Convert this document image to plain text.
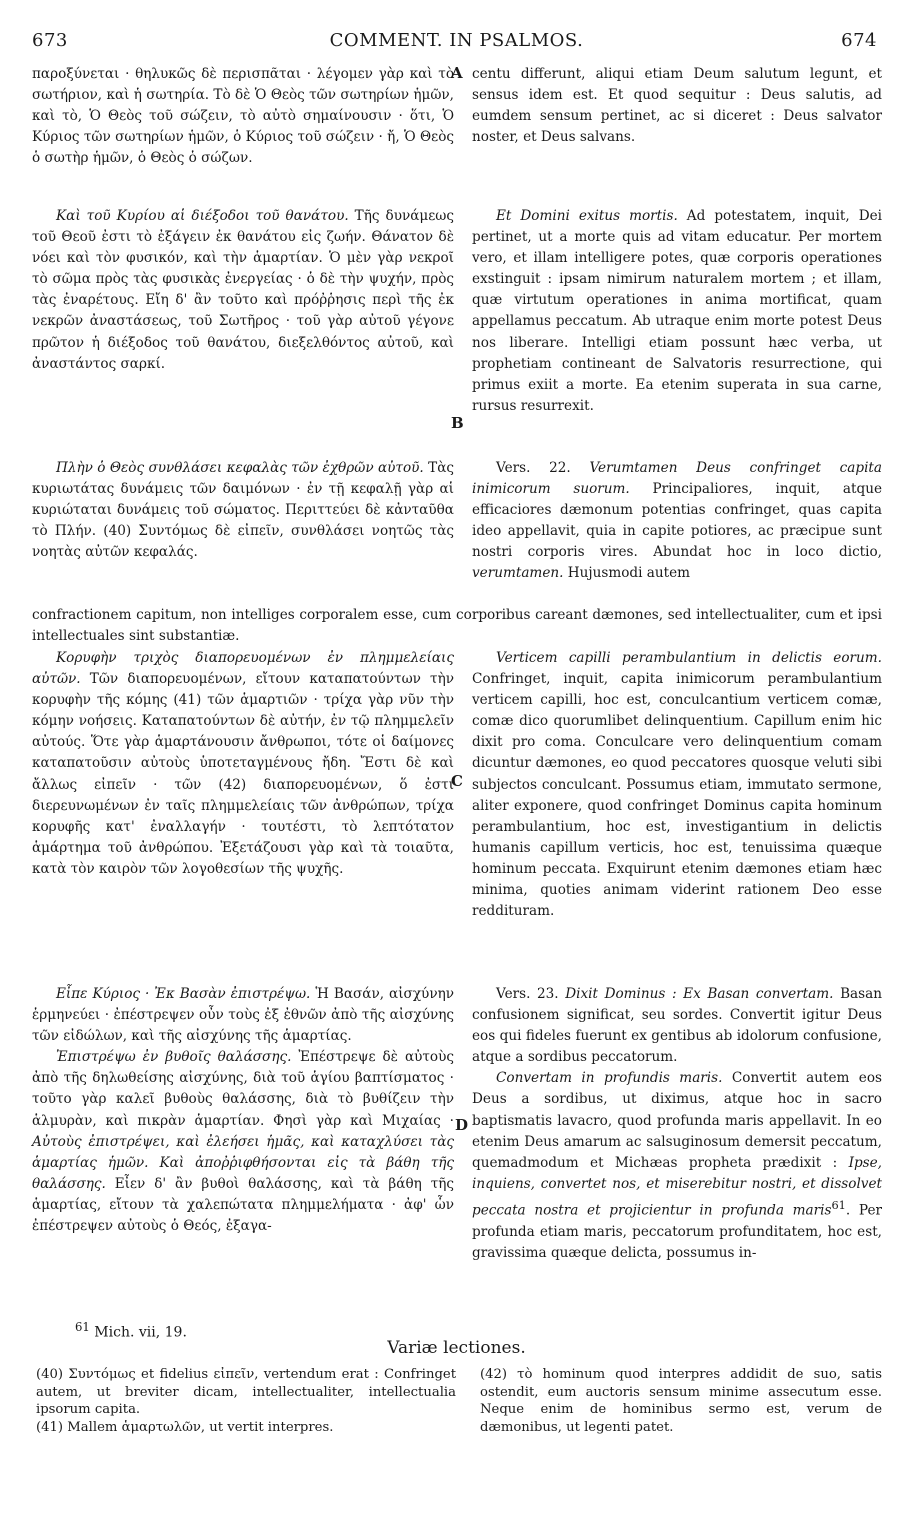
673	COMMENT. IN PSALMOS.	674
A
B
C
D

παροξύνεται · θηλυκῶς δὲ περισπᾶται · λέγομεν γὰρ καὶ τὸ σωτήριον, καὶ ἡ σωτηρία. Τὸ δὲ Ὁ Θεὸς τῶν σωτηρίων ἡμῶν, καὶ τὸ, Ὁ Θεὸς τοῦ σώζειν, τὸ αὐτὸ σημαίνουσιν · ὅτι, Ὁ Κύριος τῶν σωτηρίων ἡμῶν, ὁ Κύριος τοῦ σώζειν · ἤ, Ὁ Θεὸς ὁ σωτὴρ ἡμῶν, ὁ Θεὸς ὁ σώζων.

centu differunt, aliqui etiam Deum salutum legunt, et sensus idem est. Et quod sequitur : Deus salutis, ad eumdem sensum pertinet, ac si diceret : Deus salvator noster, et Deus salvans.

Καὶ τοῦ Κυρίου αἱ διέξοδοι τοῦ θανάτου. Τῆς δυνάμεως τοῦ Θεοῦ ἐστι τὸ ἐξάγειν ἐκ θανάτου εἰς ζωήν. Θάνατον δὲ νόει καὶ τὸν φυσικόν, καὶ τὴν ἁμαρτίαν. Ὁ μὲν γὰρ νεκροῖ τὸ σῶμα πρὸς τὰς φυσικὰς ἐνεργείας · ὁ δὲ τὴν ψυχήν, πρὸς τὰς ἐναρέτους. Εἴη δ' ἂν τοῦτο καὶ πρόῤῥησις περὶ τῆς ἐκ νεκρῶν ἀναστάσεως, τοῦ Σωτῆρος · τοῦ γὰρ αὐτοῦ γέγονε πρῶτον ἡ διέξοδος τοῦ θανάτου, διεξελθόντος αὐτοῦ, καὶ ἀναστάντος σαρκί.

Et Domini exitus mortis. Ad potestatem, inquit, Dei pertinet, ut a morte quis ad vitam educatur. Per mortem vero, et illam intelligere potes, quæ corporis operationes exstinguit : ipsam nimirum naturalem mortem ; et illam, quæ virtutum operationes in anima mortificat, quam appellamus peccatum. Ab utraque enim morte potest Deus nos liberare. Intelligi etiam possunt hæc verba, ut prophetiam contineant de Salvatoris resurrectione, qui primus exiit a morte. Ea etenim superata in sua carne, rursus resurrexit.

Πλὴν ὁ Θεὸς συνθλάσει κεφαλὰς τῶν ἐχθρῶν αὐτοῦ. Τὰς κυριωτάτας δυνάμεις τῶν δαιμόνων · ἐν τῇ κεφαλῇ γὰρ αἱ κυριώταται δυνάμεις τοῦ σώματος. Περιττεύει δὲ κἀνταῦθα τὸ Πλήν. (40) Συντόμως δὲ εἰπεῖν, συνθλάσει νοητῶς τὰς νοητὰς αὐτῶν κεφαλάς.

Vers. 22. Verumtamen Deus confringet capita inimicorum suorum. Principaliores, inquit, atque efficaciores dæmonum potentias confringet, quas capita ideo appellavit, quia in capite potiores, ac præcipue sunt nostri corporis vires. Abundat hoc in loco dictio, verumtamen. Hujusmodi autem

confractionem capitum, non intelliges corporalem esse, cum corporibus careant dæmones, sed intellectualiter, cum et ipsi intellectuales sint substantiæ.

Κορυφὴν τριχὸς διαπορευομένων ἐν πλημμελείαις αὐτῶν. Τῶν διαπορευομένων, εἴτουν καταπατούντων τὴν κορυφὴν τῆς κόμης (41) τῶν ἁμαρτιῶν · τρίχα γὰρ νῦν τὴν κόμην νοήσεις. Καταπατούντων δὲ αὐτήν, ἐν τῷ πλημμελεῖν αὐτούς. Ὅτε γὰρ ἁμαρτάνουσιν ἄνθρωποι, τότε οἱ δαίμονες καταπατοῦσιν αὐτοὺς ὑποτεταγμένους ἤδη. Ἔστι δὲ καὶ ἄλλως εἰπεῖν · τῶν (42) διαπορευομένων, ὅ ἐστι διερευνωμένων ἐν ταῖς πλημμελείαις τῶν ἀνθρώπων, τρίχα κορυφῆς κατ' ἐναλλαγήν · τουτέστι, τὸ λεπτότατον ἁμάρτημα τοῦ ἀνθρώπου. Ἐξετάζουσι γὰρ καὶ τὰ τοιαῦτα, κατὰ τὸν καιρὸν τῶν λογοθεσίων τῆς ψυχῆς.

Verticem capilli perambulantium in delictis eorum. Confringet, inquit, capita inimicorum perambulantium verticem capilli, hoc est, conculcantium verticem comæ, comæ dico quorumlibet delinquentium. Capillum enim hic dixit pro coma. Conculcare vero delinquentium comam dicuntur dæmones, eo quod peccatores quosque veluti sibi subjectos conculcant. Possumus etiam, immutato sermone, aliter exponere, quod confringet Dominus capita hominum perambulantium, hoc est, investigantium in delictis humanis capillum verticis, hoc est, tenuissima quæque hominum peccata. Exquirunt etenim dæmones etiam hæc minima, quoties animam viderint rationem Deo esse reddituram.

Εἶπε Κύριος · Ἐκ Βασὰν ἐπιστρέψω. Ἡ Βασάν, αἰσχύνην ἑρμηνεύει · ἐπέστρεψεν οὖν τοὺς ἐξ ἐθνῶν ἀπὸ τῆς αἰσχύνης τῶν εἰδώλων, καὶ τῆς αἰσχύνης τῆς ἁμαρτίας.

Ἐπιστρέψω ἐν βυθοῖς θαλάσσης. Ἐπέστρεψε δὲ αὐτοὺς ἀπὸ τῆς δηλωθείσης αἰσχύνης, διὰ τοῦ ἁγίου βαπτίσματος · τοῦτο γὰρ καλεῖ βυθοὺς θαλάσσης, διὰ τὸ βυθίζειν τὴν ἁλμυρὰν, καὶ πικρὰν ἁμαρτίαν. Φησὶ γὰρ καὶ Μιχαίας · Αὐτοὺς ἐπιστρέψει, καὶ ἐλεήσει ἡμᾶς, καὶ καταχλύσει τὰς ἁμαρτίας ἡμῶν. Καὶ ἀποῤῥιφθήσονται εἰς τὰ βάθη τῆς θαλάσσης. Εἶεν δ' ἂν βυθοὶ θαλάσσης, καὶ τὰ βάθη τῆς ἁμαρτίας, εἴτουν τὰ χαλεπώτατα πλημμελήματα · ἀφ' ὧν ἐπέστρεψεν αὐτοὺς ὁ Θεός, ἐξαγα-

Vers. 23. Dixit Dominus : Ex Basan convertam. Basan confusionem significat, seu sordes. Convertit igitur Deus eos qui fideles fuerunt ex gentibus ab idolorum confusione, atque a sordibus peccatorum.

Convertam in profundis maris. Convertit autem eos Deus a sordibus, ut diximus, atque hoc in sacro baptismatis lavacro, quod profunda maris appellavit. In eo etenim Deus amarum ac salsuginosum demersit peccatum, quemadmodum et Michæas propheta prædixit : Ipse, inquiens, convertet nos, et miserebitur nostri, et dissolvet peccata nostra et projicientur in profunda maris$^{61}$. Per profunda etiam maris, peccatorum profunditatem, hoc est, gravissima quæque delicta, possumus in-

$^{61}$ Mich. vii, 19.
Variæ lectiones.

(40) Συντόμως et fidelius εἰπεῖν, vertendum erat : Confringet autem, ut breviter dicam, intellectualiter, intellectualia ipsorum capita.

(41) Mallem ἁμαρτωλῶν, ut vertit interpres.

(42) τὸ hominum quod interpres addidit de suo, satis ostendit, eum auctoris sensum minime assecutum esse. Neque enim de hominibus sermo est, verum de dæmonibus, ut legenti patet.
